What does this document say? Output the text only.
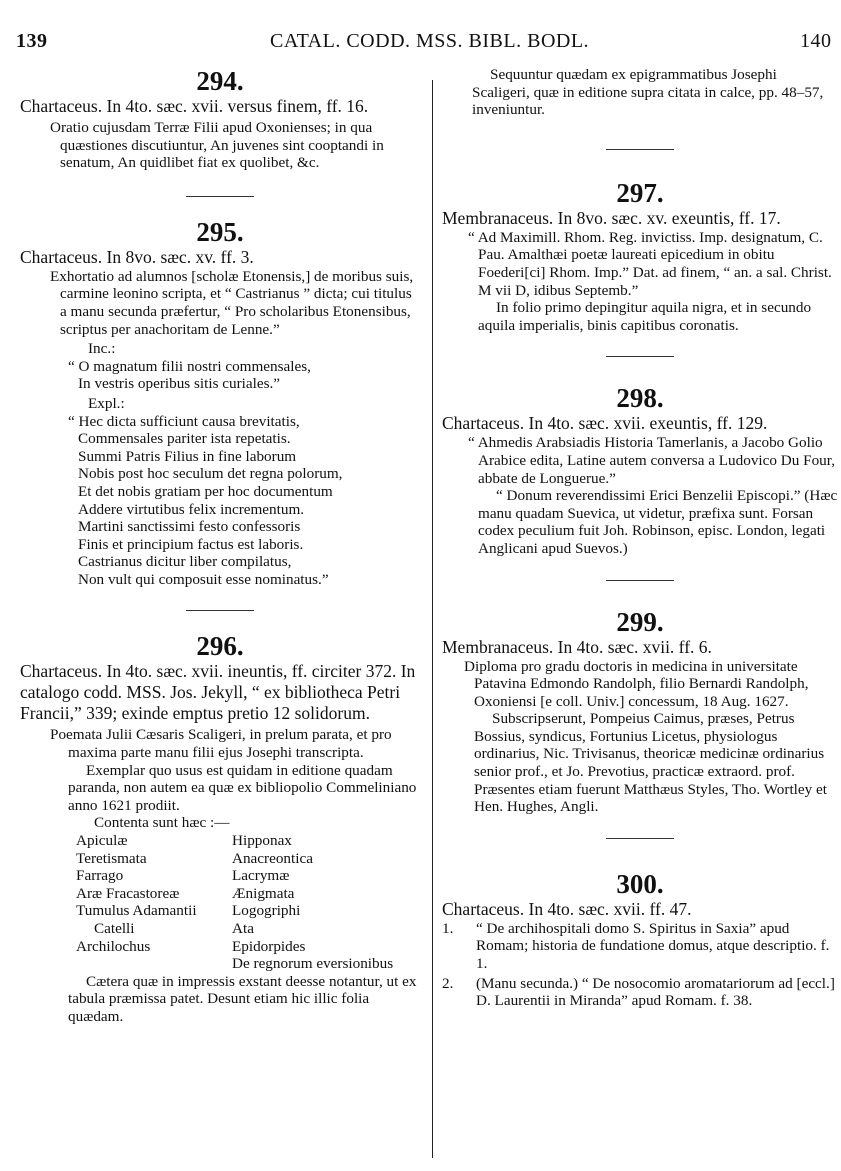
139	CATAL. CODD. MSS. BIBL. BODL.	140
294.

Chartaceus. In 4to. sæc. xvii. versus finem, ff. 16.

Oratio cujusdam Terræ Filii apud Oxonienses; in qua quæstiones discutiuntur, An juvenes sint cooptandi in senatum, An quidlibet fiat ex quolibet, &c.

295.

Chartaceus. In 8vo. sæc. xv. ff. 3.

Exhortatio ad alumnos [scholæ Etonensis,] de moribus suis, carmine leonino scripta, et “ Castrianus ” dicta; cui titulus a manu secunda præfertur, “ Pro scholaribus Etonensibus, scriptus per anachoritam de Lenne.”

Inc.:

“ O magnatum filii nostri commensales,
In vestris operibus sitis curiales.”

Expl.:

“ Hec dicta sufficiunt causa brevitatis,
Commensales pariter ista repetatis.
Summi Patris Filius in fine laborum
Nobis post hoc seculum det regna polorum,
Et det nobis gratiam per hoc documentum
Addere virtutibus felix incrementum.
Martini sanctissimi festo confessoris
Finis et principium factus est laboris.
Castrianus dicitur liber compilatus,
Non vult qui composuit esse nominatus.”
296.

Chartaceus. In 4to. sæc. xvii. ineuntis, ff. circiter 372. In catalogo codd. MSS. Jos. Jekyll, “ ex bibliotheca Petri Francii,” 339; exinde emptus pretio 12 solidorum.

Poemata Julii Cæsaris Scaligeri, in prelum parata, et pro maxima parte manu filii ejus Josephi transcripta.

Exemplar quo usus est quidam in editione quadam paranda, non autem ea quæ ex bibliopolio Commeliniano anno 1621 prodiit.

Contenta sunt hæc :—

Apiculæ	Hipponax
Teretismata	Anacreontica
Farrago	Lacrymæ
Aræ Fracastoreæ	Ænigmata
Tumulus Adamantii	Logogriphi
Catelli	Ata
Archilochus	Epidorpides
De regnorum eversionibus

Cætera quæ in impressis exstant deesse notantur, ut ex tabula præmissa patet. Desunt etiam hic illic folia quædam.

Sequuntur quædam ex epigrammatibus Josephi Scaligeri, quæ in editione supra citata in calce, pp. 48–57, inveniuntur.

297.

Membranaceus. In 8vo. sæc. xv. exeuntis, ff. 17.

“ Ad Maximill. Rhom. Reg. invictiss. Imp. designatum, C. Pau. Amalthæi poetæ laureati epicedium in obitu Foederi[ci] Rhom. Imp.” Dat. ad finem, “ an. a sal. Christ. M vii D, idibus Septemb.”

In folio primo depingitur aquila nigra, et in secundo aquila imperialis, binis capitibus coronatis.

298.

Chartaceus. In 4to. sæc. xvii. exeuntis, ff. 129.

“ Ahmedis Arabsiadis Historia Tamerlanis, a Jacobo Golio Arabice edita, Latine autem conversa a Ludovico Du Four, abbate de Longuerue.”

“ Donum reverendissimi Erici Benzelii Episcopi.” (Hæc manu quadam Suevica, ut videtur, præfixa sunt. Forsan codex peculium fuit Joh. Robinson, episc. London, legati Anglicani apud Suevos.)

299.

Membranaceus. In 4to. sæc. xvii. ff. 6.

Diploma pro gradu doctoris in medicina in universitate Patavina Edmondo Randolph, filio Bernardi Randolph, Oxoniensi [e coll. Univ.] concessum, 18 Aug. 1627.

Subscripserunt, Pompeius Caimus, præses, Petrus Bossius, syndicus, Fortunius Licetus, physiologus ordinarius, Nic. Trivisanus, theoricæ medicinæ ordinarius senior prof., et Jo. Prevotius, practicæ extraord. prof. Præsentes etiam fuerunt Matthæus Styles, Tho. Wortley et Hen. Hughes, Angli.

300.

Chartaceus. In 4to. sæc. xvii. ff. 47.

1.	“ De archihospitali domo S. Spiritus in Saxia” apud Romam; historia de fundatione domus, atque descriptio. f. 1.
2.	(Manu secunda.) “ De nosocomio aromatariorum ad [eccl.] D. Laurentii in Miranda” apud Romam. f. 38.
